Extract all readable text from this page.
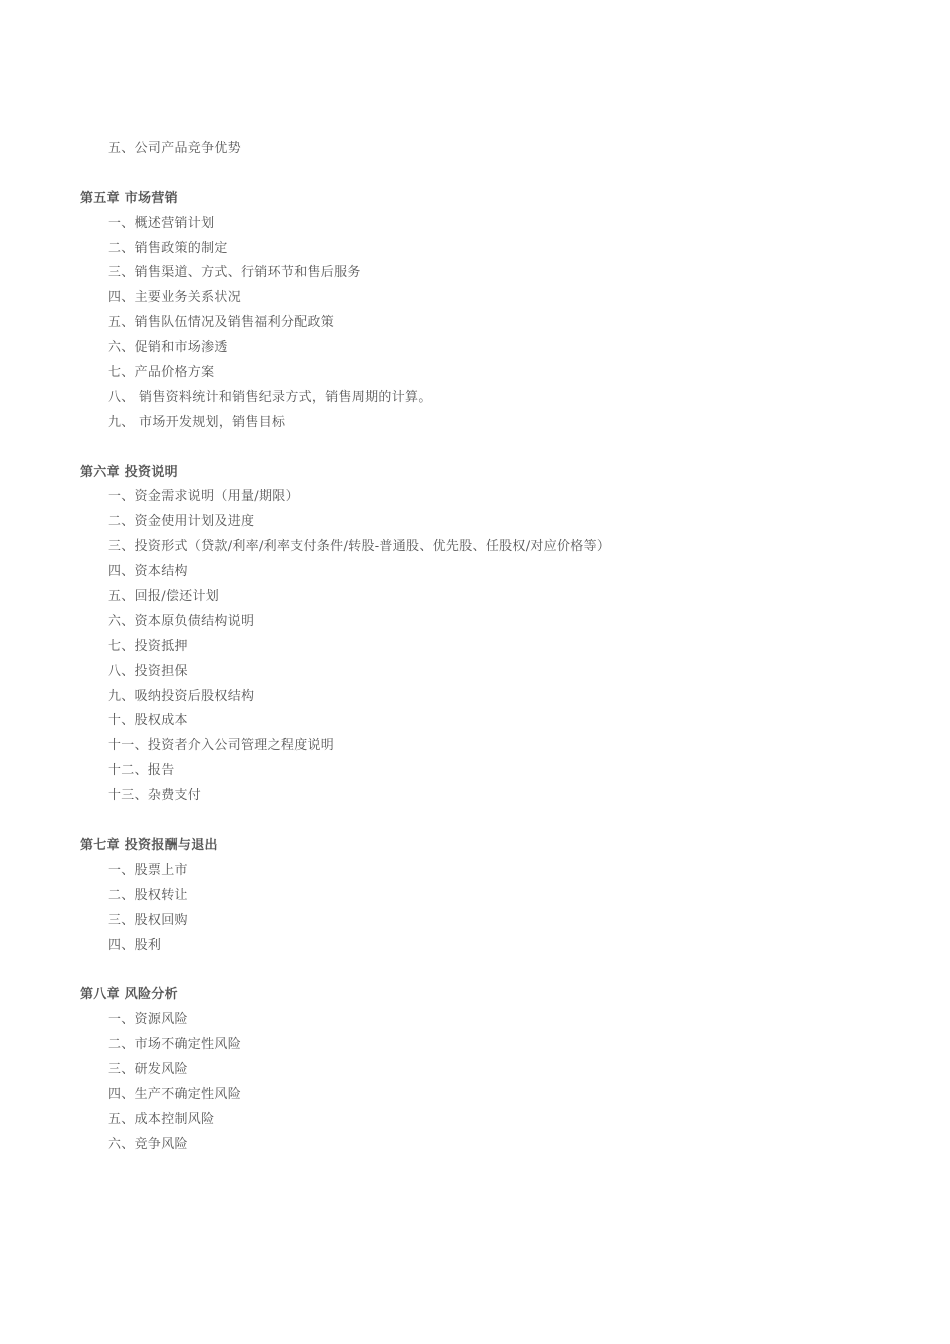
五、公司产品竞争优势
第五章 市场营销
一、概述营销计划
二、销售政策的制定
三、销售渠道、方式、行销环节和售后服务
四、主要业务关系状况
五、销售队伍情况及销售福利分配政策
六、促销和市场渗透
七、产品价格方案
八、 销售资料统计和销售纪录方式，销售周期的计算。
九、 市场开发规划，销售目标
第六章 投资说明
一、资金需求说明（用量/期限）
二、资金使用计划及进度
三、投资形式（贷款/利率/利率支付条件/转股-普通股、优先股、任股权/对应价格等）
四、资本结构
五、回报/偿还计划
六、资本原负债结构说明
七、投资抵押
八、投资担保
九、吸纳投资后股权结构
十、股权成本
十一、投资者介入公司管理之程度说明
十二、报告
十三、杂费支付
第七章 投资报酬与退出
一、股票上市
二、股权转让
三、股权回购
四、股利
第八章 风险分析
一、资源风险
二、市场不确定性风险
三、研发风险
四、生产不确定性风险
五、成本控制风险
六、竞争风险
